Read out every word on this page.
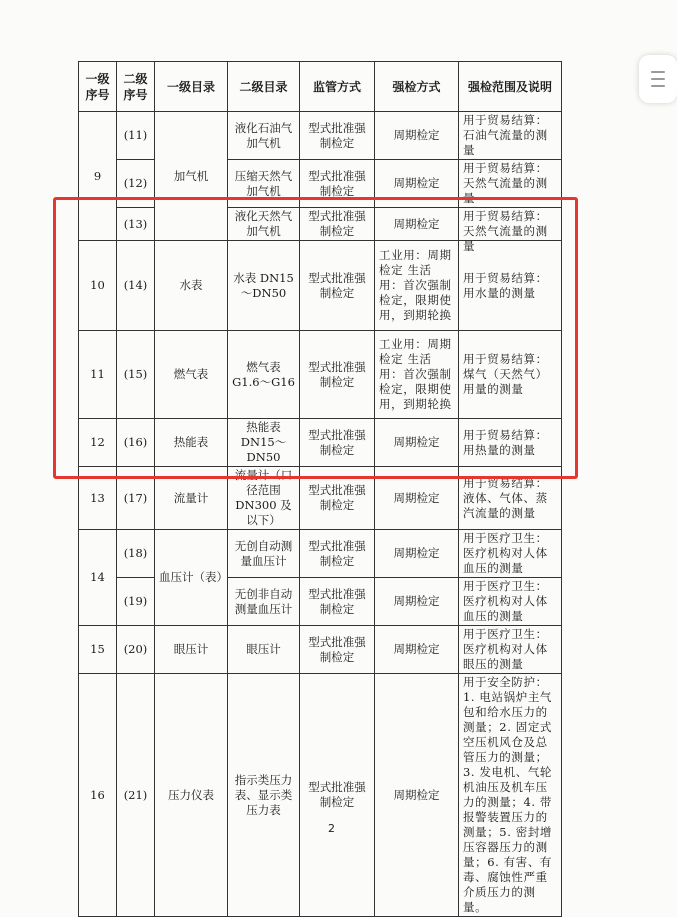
一级序号	二级序号	一级目录	二级目录	监管方式	强检方式	强检范围及说明
9	(11)	加气机	液化石油气加气机	型式批准强制检定	周期检定	用于贸易结算：石油气流量的测量
	(12)		压缩天然气加气机	型式批准强制检定	周期检定	用于贸易结算：天然气流量的测量
	(13)		液化天然气加气机	型式批准强制检定	周期检定	用于贸易结算：天然气流量的测量

10	(14)	水表	水表 DN15～DN50	型式批准强制检定	工业用：周期检定 生活用：首次强制检定，限期使用，到期轮换	用于贸易结算：用水量的测量
11	(15)	燃气表	燃气表 G1.6～G16	型式批准强制检定	工业用：周期检定 生活用：首次强制检定，限期使用，到期轮换	用于贸易结算：煤气（天然气）用量的测量
12	(16)	热能表	热能表 DN15～DN50	型式批准强制检定	周期检定	用于贸易结算：用热量的测量
13	(17)	流量计	流量计（口径范围 DN300 及以下）	型式批准强制检定	周期检定	用于贸易结算：液体、气体、蒸汽流量的测量
14	(18)	血压计（表）	无创自动测量血压计	型式批准强制检定	周期检定	用于医疗卫生：医疗机构对人体血压的测量
	(19)		无创非自动测量血压计	型式批准强制检定	周期检定	用于医疗卫生：医疗机构对人体血压的测量
15	(20)	眼压计	眼压计	型式批准强制检定	周期检定	用于医疗卫生：医疗机构对人体眼压的测量
16	(21)	压力仪表	指示类压力表、显示类压力表	型式批准强制检定	周期检定	用于安全防护：1. 电站锅炉主气包和给水压力的测量；2. 固定式空压机风仓及总管压力的测量；3. 发电机、气轮机油压及机车压力的测量；4. 带报警装置压力的测量；5. 密封增压容器压力的测量；6. 有害、有毒、腐蚀性严重介质压力的测量。
2
